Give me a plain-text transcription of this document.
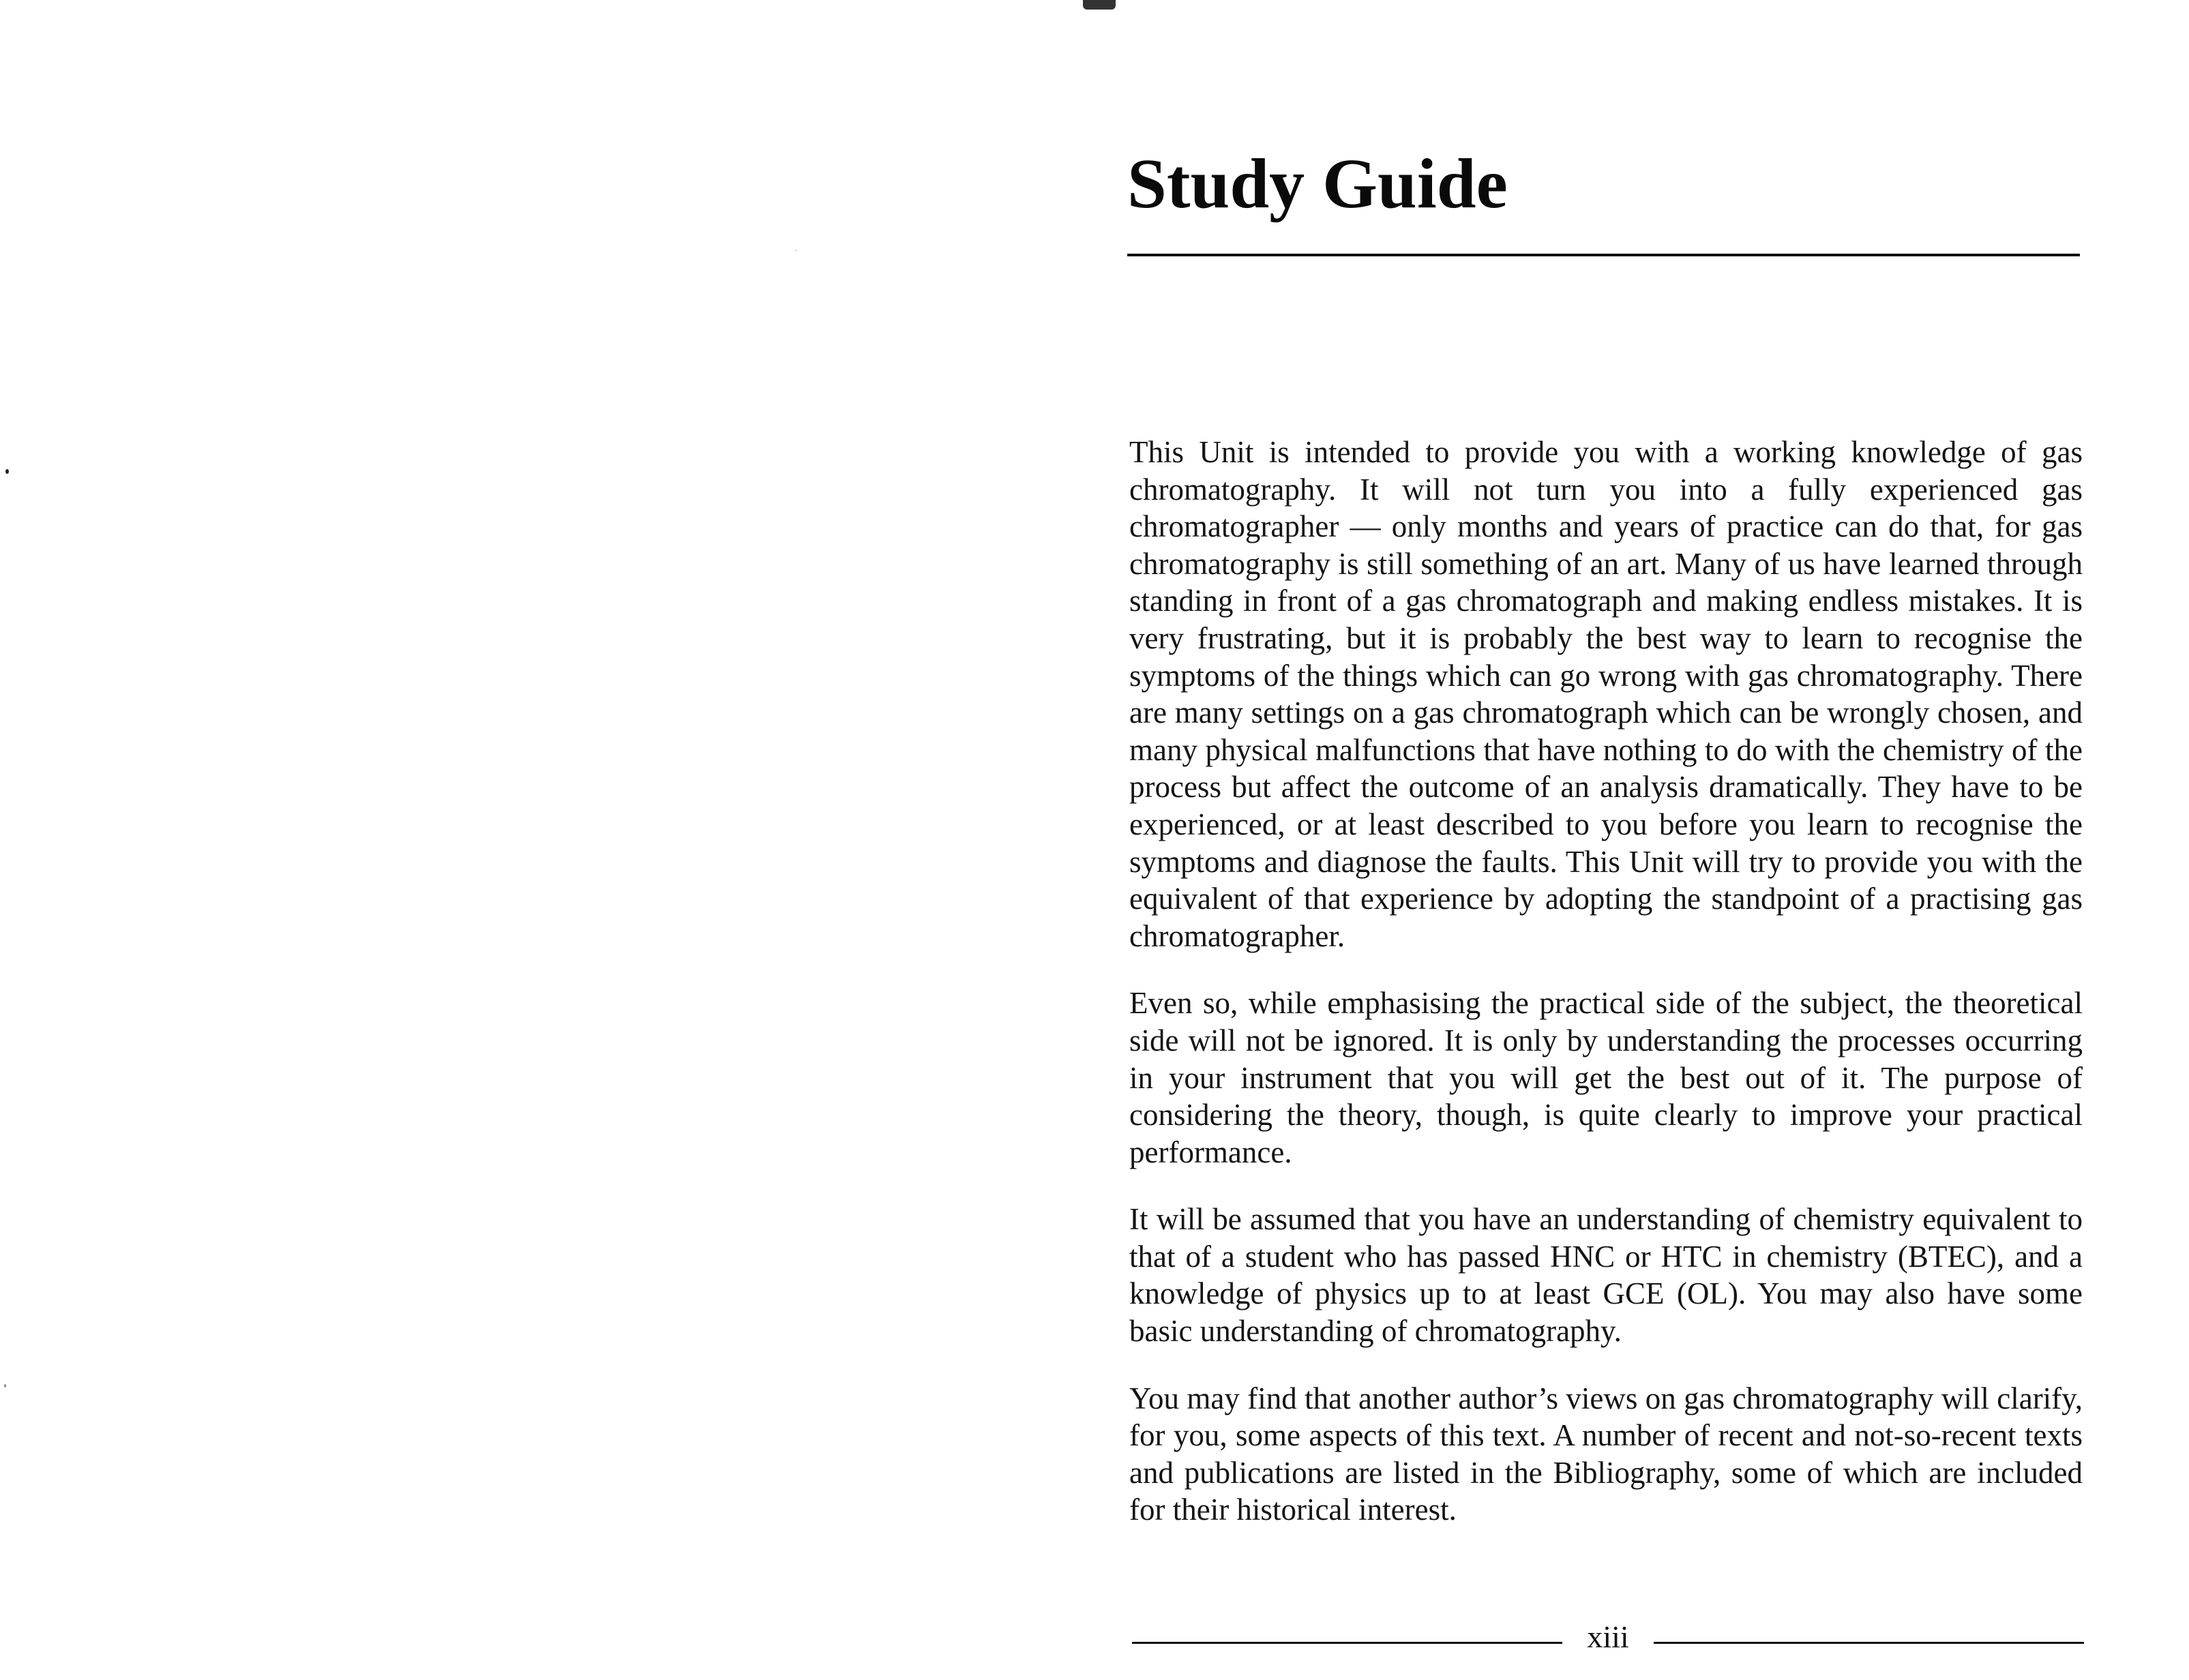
Study Guide

This Unit is intended to provide you with a working knowledge of gas chromatography. It will not turn you into a fully experienced gas chromatographer — only months and years of practice can do that, for gas chromatography is still something of an art. Many of us have learned through standing in front of a gas chromatograph and making endless mistakes. It is very frustrating, but it is probably the best way to learn to recognise the symptoms of the things which can go wrong with gas chromatography. There are many settings on a gas chromatograph which can be wrongly chosen, and many physical malfunctions that have nothing to do with the chemistry of the process but affect the outcome of an analysis dramatically. They have to be experienced, or at least described to you before you learn to recognise the symptoms and diagnose the faults. This Unit will try to provide you with the equivalent of that experience by adopting the standpoint of a practising gas chromatographer.

Even so, while emphasising the practical side of the subject, the theoretical side will not be ignored. It is only by understanding the processes occurring in your instrument that you will get the best out of it. The purpose of considering the theory, though, is quite clearly to improve your practical performance.

It will be assumed that you have an understanding of chemistry equivalent to that of a student who has passed HNC or HTC in chemistry (BTEC), and a knowledge of physics up to at least GCE (OL). You may also have some basic understanding of chromatography.

You may find that another author’s views on gas chromatography will clarify, for you, some aspects of this text. A number of recent and not-so-recent texts and publications are listed in the Bibliography, some of which are included for their historical interest.

xiii
